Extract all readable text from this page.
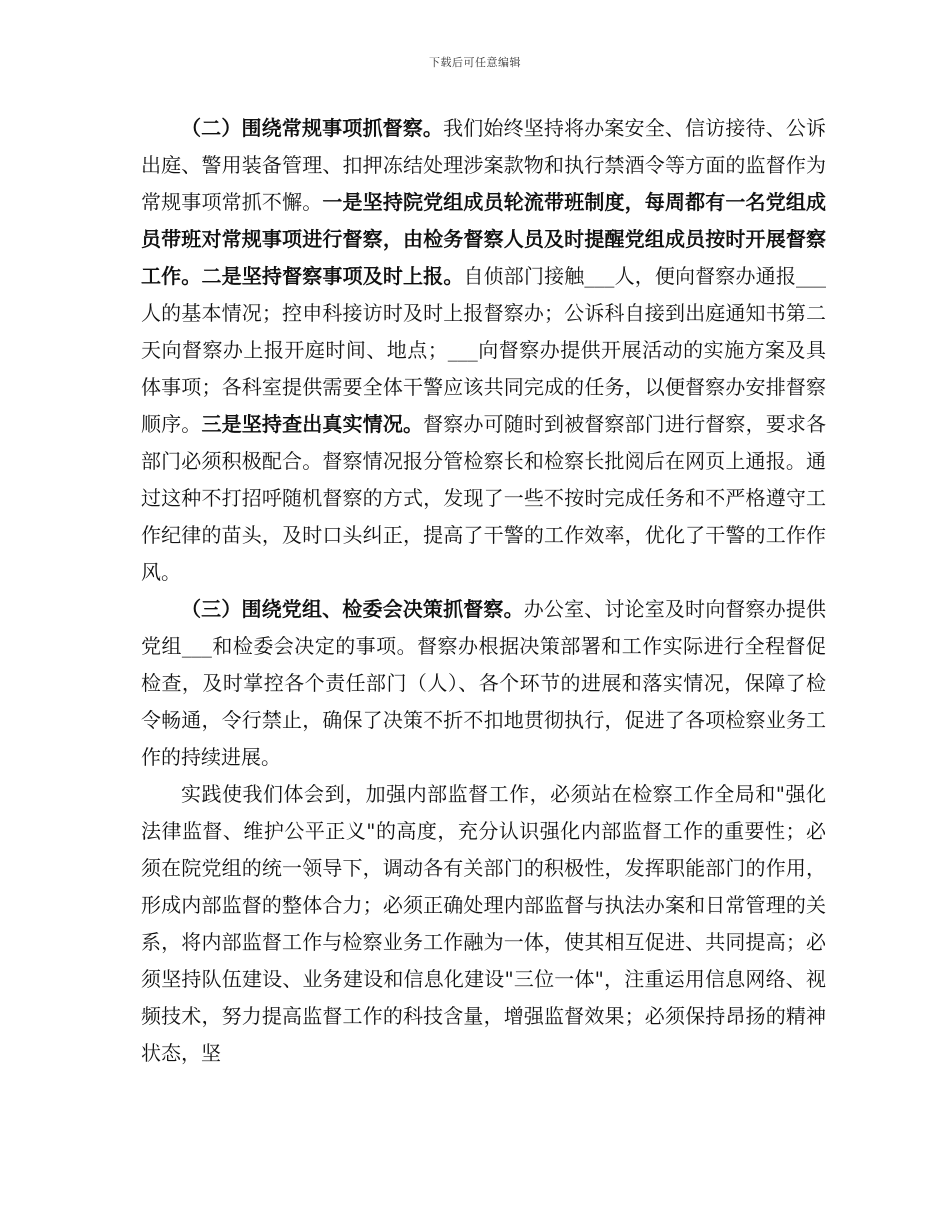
下载后可任意编辑

（二）围绕常规事项抓督察。我们始终坚持将办案安全、信访接待、公诉出庭、警用装备管理、扣押冻结处理涉案款物和执行禁酒令等方面的监督作为常规事项常抓不懈。一是坚持院党组成员轮流带班制度，每周都有一名党组成员带班对常规事项进行督察，由检务督察人员及时提醒党组成员按时开展督察工作。二是坚持督察事项及时上报。自侦部门接触___人，便向督察办通报___人的基本情况；控申科接访时及时上报督察办；公诉科自接到出庭通知书第二天向督察办上报开庭时间、地点；___向督察办提供开展活动的实施方案及具体事项；各科室提供需要全体干警应该共同完成的任务，以便督察办安排督察顺序。三是坚持查出真实情况。督察办可随时到被督察部门进行督察，要求各部门必须积极配合。督察情况报分管检察长和检察长批阅后在网页上通报。通过这种不打招呼随机督察的方式，发现了一些不按时完成任务和不严格遵守工作纪律的苗头，及时口头纠正，提高了干警的工作效率，优化了干警的工作作风。

（三）围绕党组、检委会决策抓督察。办公室、讨论室及时向督察办提供党组___和检委会决定的事项。督察办根据决策部署和工作实际进行全程督促检查，及时掌控各个责任部门（人）、各个环节的进展和落实情况，保障了检令畅通，令行禁止，确保了决策不折不扣地贯彻执行，促进了各项检察业务工作的持续进展。

实践使我们体会到，加强内部监督工作，必须站在检察工作全局和"强化法律监督、维护公平正义"的高度，充分认识强化内部监督工作的重要性；必须在院党组的统一领导下，调动各有关部门的积极性，发挥职能部门的作用，形成内部监督的整体合力；必须正确处理内部监督与执法办案和日常管理的关系，将内部监督工作与检察业务工作融为一体，使其相互促进、共同提高；必须坚持队伍建设、业务建设和信息化建设"三位一体"，注重运用信息网络、视频技术，努力提高监督工作的科技含量，增强监督效果；必须保持昂扬的精神状态，坚
